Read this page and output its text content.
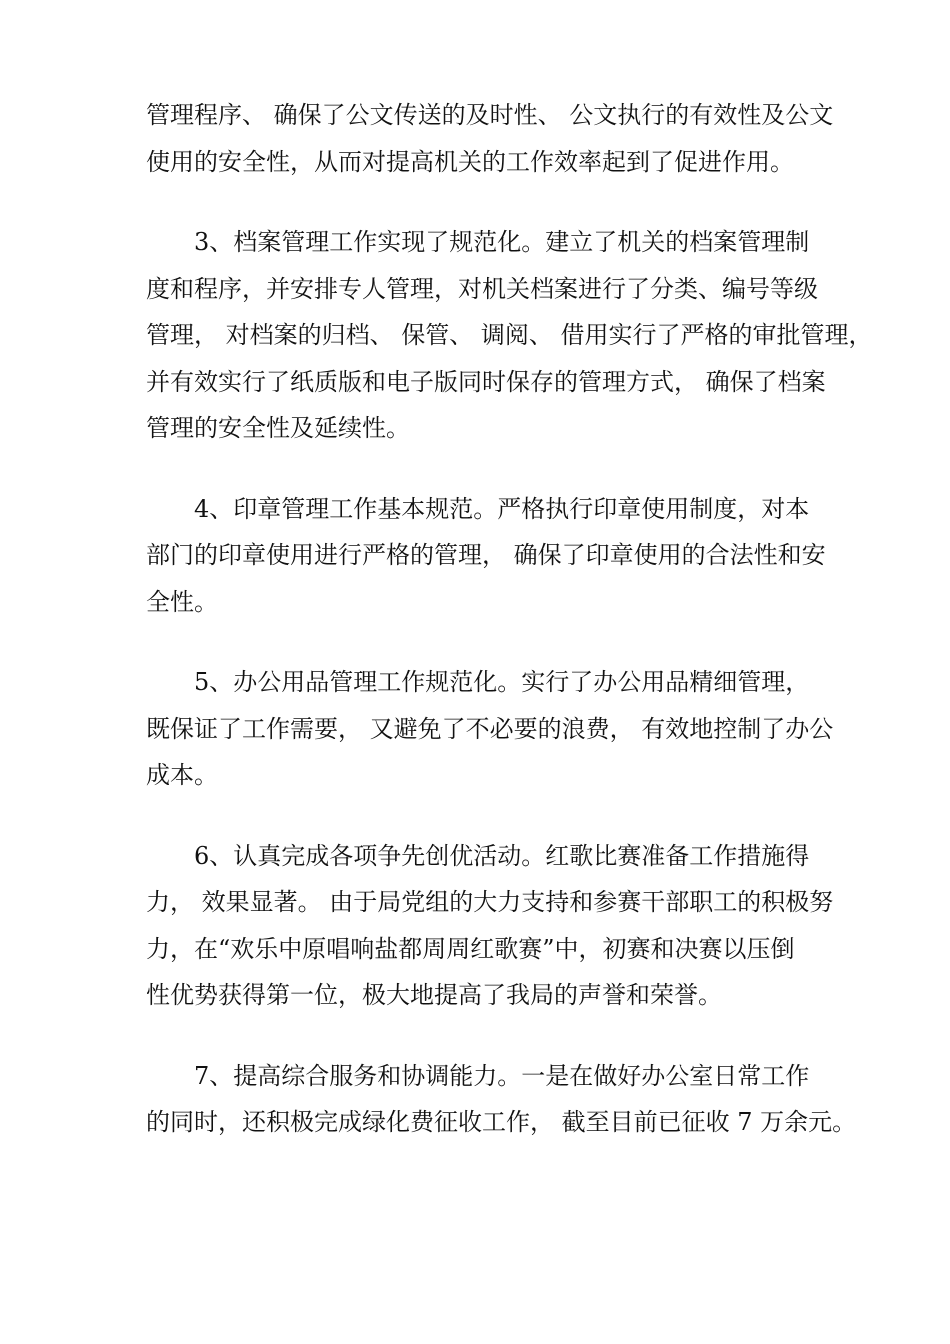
管理程序、 确保了公文传送的及时性、 公文执行的有效性及公文
使用的安全性，从而对提高机关的工作效率起到了促进作用。
3、档案管理工作实现了规范化。建立了机关的档案管理制
度和程序，并安排专人管理，对机关档案进行了分类、编号等级
管理， 对档案的归档、 保管、 调阅、 借用实行了严格的审批管理，
并有效实行了纸质版和电子版同时保存的管理方式， 确保了档案
管理的安全性及延续性。
4、印章管理工作基本规范。严格执行印章使用制度，对本
部门的印章使用进行严格的管理， 确保了印章使用的合法性和安
全性。
5、办公用品管理工作规范化。实行了办公用品精细管理，
既保证了工作需要， 又避免了不必要的浪费， 有效地控制了办公
成本。
6、认真完成各项争先创优活动。红歌比赛准备工作措施得
力， 效果显著。 由于局党组的大力支持和参赛干部职工的积极努
力，在“欢乐中原唱响盐都周周红歌赛”中，初赛和决赛以压倒
性优势获得第一位，极大地提高了我局的声誉和荣誉。
7、提高综合服务和协调能力。一是在做好办公室日常工作
的同时，还积极完成绿化费征收工作， 截至目前已征收 7 万余元。
